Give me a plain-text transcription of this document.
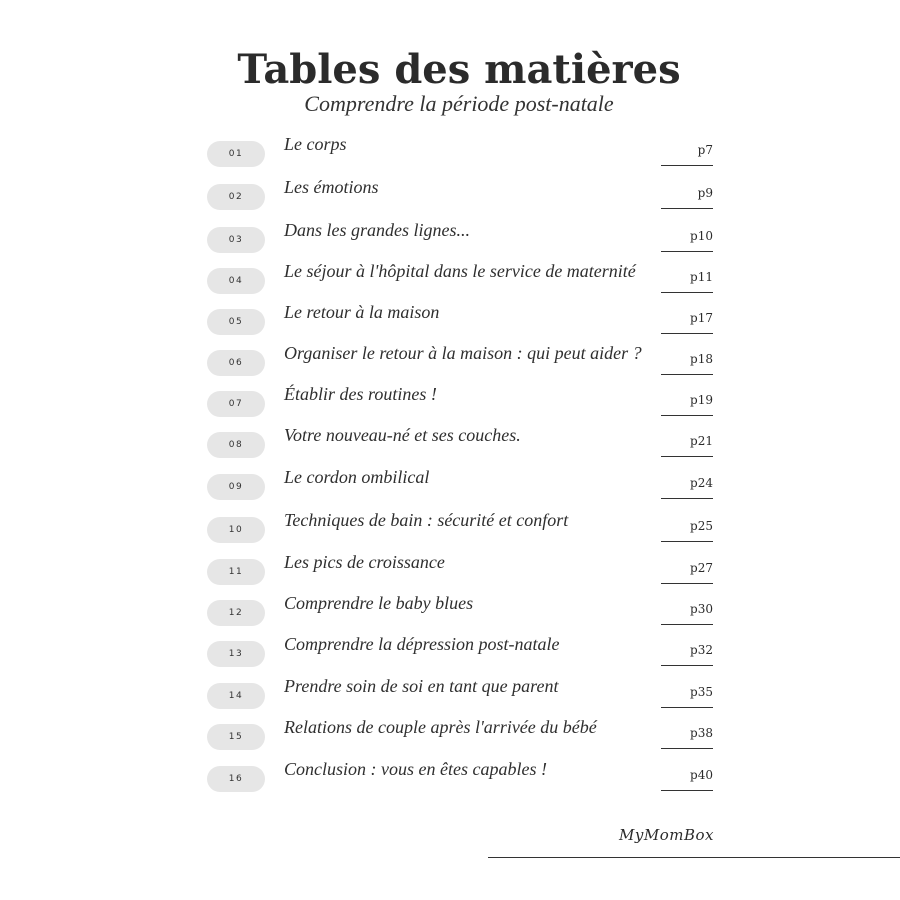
Tables des matières
Comprendre la période post-natale
01	Le corps	p7
02	Les émotions	p9
03	Dans les grandes lignes...	p10
04	Le séjour à l'hôpital dans le service de maternité	p11
05	Le retour à la maison	p17
06	Organiser le retour à la maison : qui peut aider ?	p18
07	Établir des routines !	p19
08	Votre nouveau-né et ses couches.	p21
09	Le cordon ombilical	p24
10	Techniques de bain : sécurité et confort	p25
11	Les pics de croissance	p27
12	Comprendre le baby blues	p30
13	Comprendre la dépression post-natale	p32
14	Prendre soin de soi en tant que parent	p35
15	Relations de couple après l'arrivée du bébé	p38
16	Conclusion : vous en êtes capables !	p40
MyMomBox
